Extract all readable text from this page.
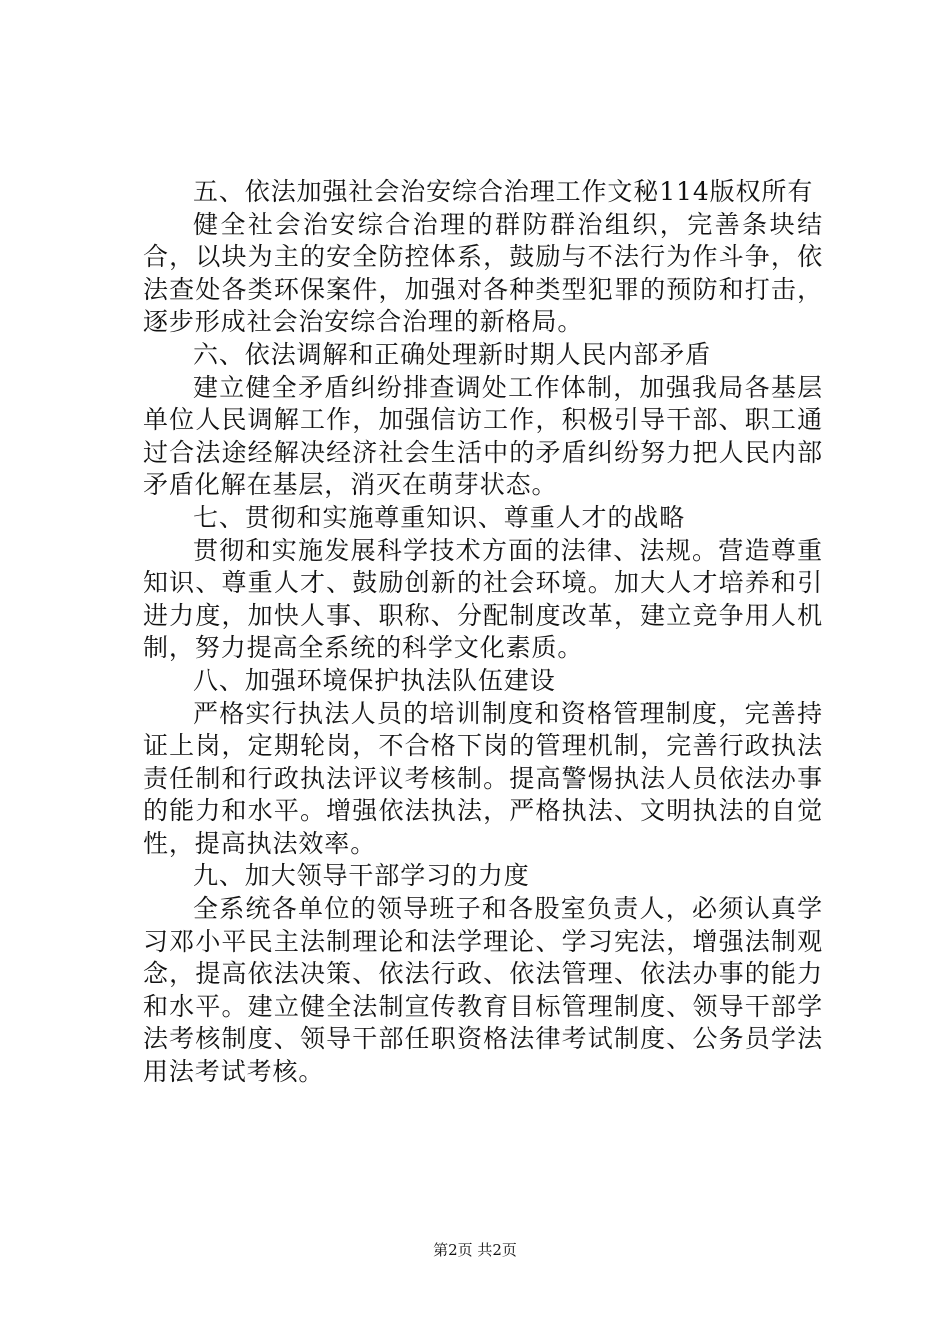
五、依法加强社会治安综合治理工作文秘114版权所有

健全社会治安综合治理的群防群治组织，完善条块结合，以块为主的安全防控体系，鼓励与不法行为作斗争，依法查处各类环保案件，加强对各种类型犯罪的预防和打击，逐步形成社会治安综合治理的新格局。

六、依法调解和正确处理新时期人民内部矛盾

建立健全矛盾纠纷排查调处工作体制，加强我局各基层单位人民调解工作，加强信访工作，积极引导干部、职工通过合法途经解决经济社会生活中的矛盾纠纷努力把人民内部矛盾化解在基层，消灭在萌芽状态。

七、贯彻和实施尊重知识、尊重人才的战略

贯彻和实施发展科学技术方面的法律、法规。营造尊重知识、尊重人才、鼓励创新的社会环境。加大人才培养和引进力度，加快人事、职称、分配制度改革，建立竞争用人机制，努力提高全系统的科学文化素质。

八、加强环境保护执法队伍建设

严格实行执法人员的培训制度和资格管理制度，完善持证上岗，定期轮岗，不合格下岗的管理机制，完善行政执法责任制和行政执法评议考核制。提高警惕执法人员依法办事的能力和水平。增强依法执法，严格执法、文明执法的自觉性，提高执法效率。

九、加大领导干部学习的力度

全系统各单位的领导班子和各股室负责人，必须认真学习邓小平民主法制理论和法学理论、学习宪法，增强法制观念，提高依法决策、依法行政、依法管理、依法办事的能力和水平。建立健全法制宣传教育目标管理制度、领导干部学法考核制度、领导干部任职资格法律考试制度、公务员学法用法考试考核。

第2页 共2页
